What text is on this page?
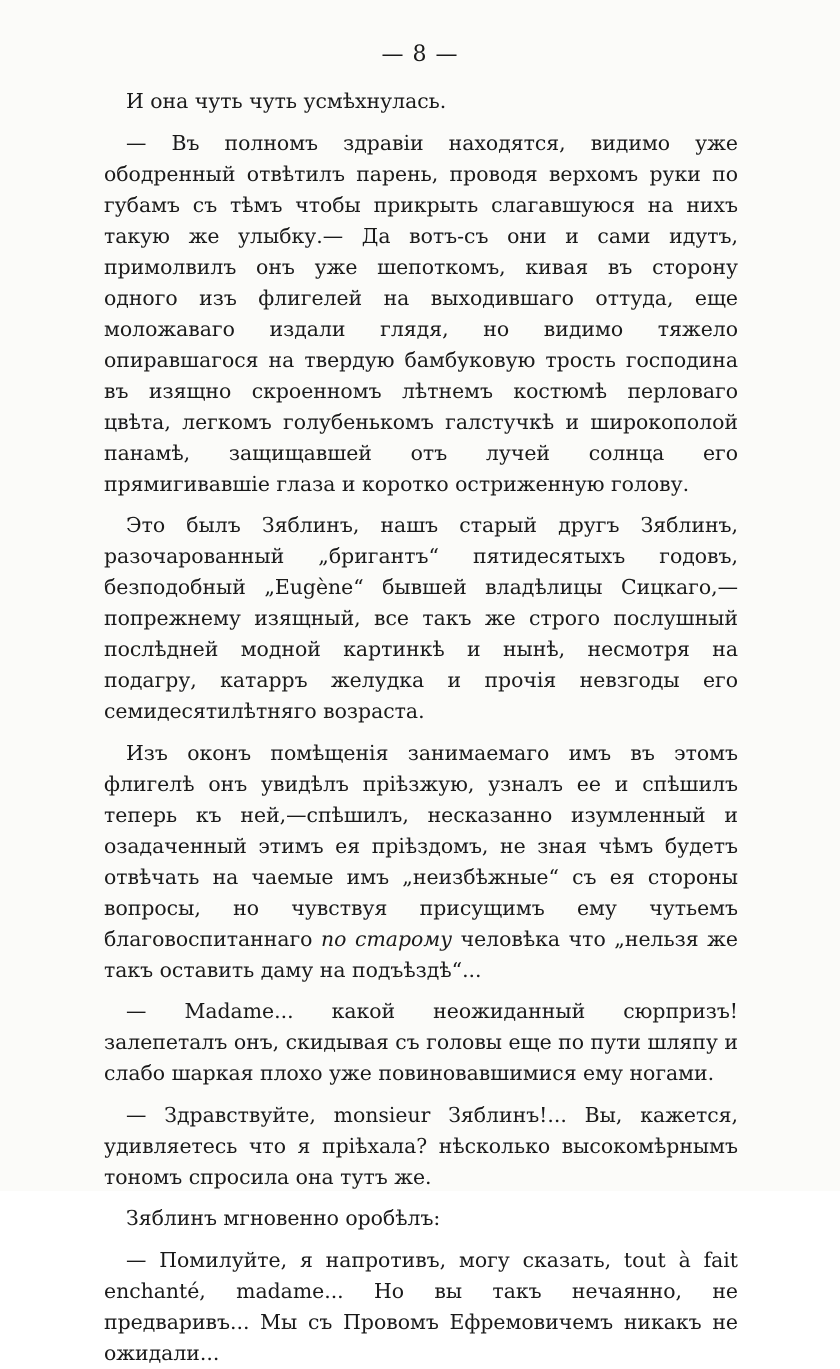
— 8 —

И она чуть чуть усмѣхнулась.

— Въ полномъ здравіи находятся, видимо уже ободренный отвѣтилъ парень, проводя верхомъ руки по губамъ съ тѣмъ чтобы прикрыть слагавшуюся на нихъ такую же улыбку.— Да вотъ-съ они и сами идутъ, примолвилъ онъ уже шепоткомъ, кивая въ сторону одного изъ флигелей на выходившаго оттуда, еще моложаваго издали глядя, но видимо тяжело опиравшагося на твердую бамбуковую трость господина въ изящно скроенномъ лѣтнемъ костюмѣ перловаго цвѣта, легкомъ голубенькомъ галстучкѣ и широкополой панамѣ, защищавшей отъ лучей солнца его прямигивавшіе глаза и коротко остриженную голову.

Это былъ Зяблинъ, нашъ старый другъ Зяблинъ, разочарованный „бригантъ“ пятидесятыхъ годовъ, безподобный „Eugène“ бывшей владѣлицы Сицкаго,—попрежнему изящный, все такъ же строго послушный послѣдней модной картинкѣ и нынѣ, несмотря на подагру, катарръ желудка и прочія невзгоды его семидесятилѣтняго возраста.

Изъ оконъ помѣщенія занимаемаго имъ въ этомъ флигелѣ онъ увидѣлъ пріѣзжую, узналъ ее и спѣшилъ теперь къ ней,—спѣшилъ, несказанно изумленный и озадаченный этимъ ея пріѣздомъ, не зная чѣмъ будетъ отвѣчать на чаемые имъ „неизбѣжные“ съ ея стороны вопросы, но чувствуя присущимъ ему чутьемъ благовоспитаннаго по старому человѣка что „нельзя же такъ оставить даму на подъѣздѣ“...

— Madame... какой неожиданный сюрпризъ! залепеталъ онъ, скидывая съ головы еще по пути шляпу и слабо шаркая плохо уже повиновавшимися ему ногами.

— Здравствуйте, monsieur Зяблинъ!... Вы, кажется, удивляетесь что я пріѣхала? нѣсколько высокомѣрнымъ тономъ спросила она тутъ же.

Зяблинъ мгновенно оробѣлъ:

— Помилуйте, я напротивъ, могу сказать, tout à fait enchanté, madame... Но вы такъ нечаянно, не предваривъ... Мы съ Провомъ Ефремовичемъ никакъ не ожидали...
